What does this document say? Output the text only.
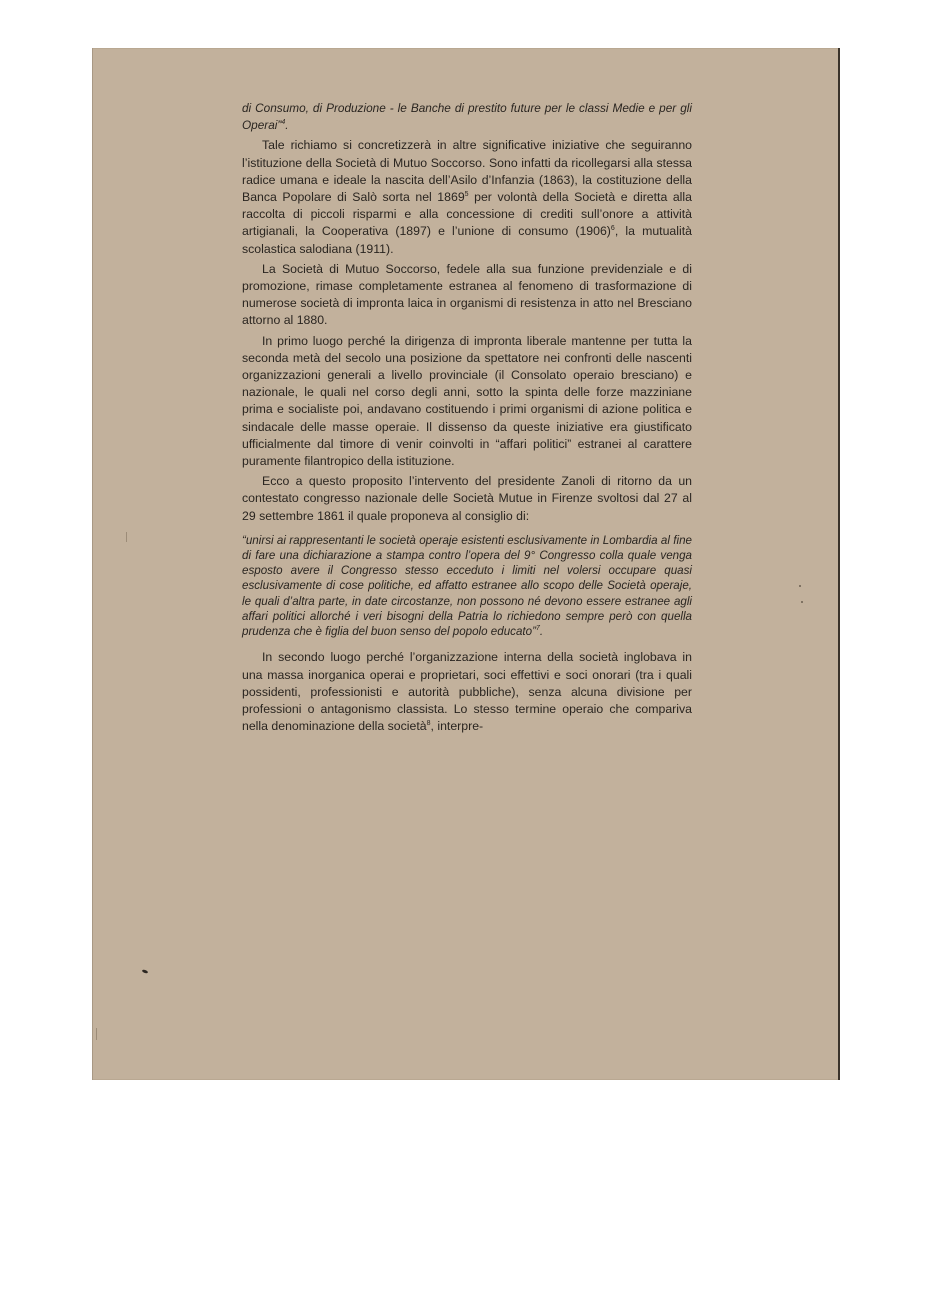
di Consumo, di Produzione - le Banche di prestito future per le classi Medie e per gli Operai”$^4$.

Tale richiamo si concretizzerà in altre significative iniziative che seguiranno l’istituzione della Società di Mutuo Soccorso. Sono infatti da ricollegarsi alla stessa radice umana e ideale la nascita dell’Asilo d’Infanzia (1863), la costituzione della Banca Popolare di Salò sorta nel 1869$^5$ per volontà della Società e diretta alla raccolta di piccoli risparmi e alla concessione di crediti sull’onore a attività artigianali, la Cooperativa (1897) e l’unione di consumo $(1906)^6$, la mutualità scolastica salodiana (1911).

La Società di Mutuo Soccorso, fedele alla sua funzione previdenziale e di promozione, rimase completamente estranea al fenomeno di trasformazione di numerose società di impronta laica in organismi di resistenza in atto nel Bresciano attorno al 1880.

In primo luogo perché la dirigenza di impronta liberale mantenne per tutta la seconda metà del secolo una posizione da spettatore nei confronti delle nascenti organizzazioni generali a livello provinciale (il Consolato operaio bresciano) e nazionale, le quali nel corso degli anni, sotto la spinta delle forze mazziniane prima e socialiste poi, andavano costituendo i primi organismi di azione politica e sindacale delle masse operaie. Il dissenso da queste iniziative era giustificato ufficialmente dal timore di venir coinvolti in “affari politici” estranei al carattere puramente filantropico della istituzione.

Ecco a questo proposito l’intervento del presidente Zanoli di ritorno da un contestato congresso nazionale delle Società Mutue in Firenze svoltosi dal 27 al 29 settembre 1861 il quale proponeva al consiglio di:

“unirsi ai rappresentanti le società operaje esistenti esclusivamente in Lombardia al fine di fare una dichiarazione a stampa contro l’opera del 9° Congresso colla quale venga esposto avere il Congresso stesso ecceduto i limiti nel volersi occupare quasi esclusivamente di cose politiche, ed affatto estranee allo scopo delle Società operaje, le quali d’altra parte, in date circostanze, non possono né devono essere estranee agli affari politici allorché i veri bisogni della Patria lo richiedono sempre però con quella prudenza che è figlia del buon senso del popolo educato”$^7$.

In secondo luogo perché l’organizzazione interna della società inglobava in una massa inorganica operai e proprietari, soci effettivi e soci onorari (tra i quali possidenti, professionisti e autorità pubbliche), senza alcuna divisione per professioni o antagonismo classista. Lo stesso termine operaio che compariva nella denominazione della società$^8$, interpre-
